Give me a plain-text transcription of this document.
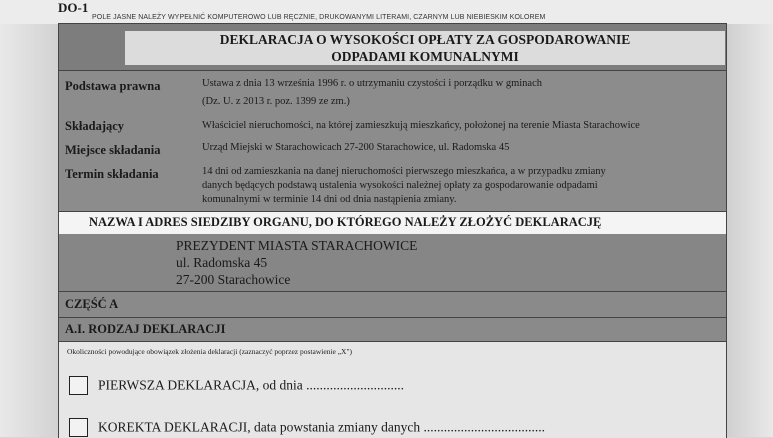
DO-1
POLE JASNE NALEŻY WYPEŁNIĆ KOMPUTEROWO LUB RĘCZNIE, DRUKOWANYMI LITERAMI, CZARNYM LUB NIEBIESKIM KOLOREM
DEKLARACJA O WYSOKOŚCI OPŁATY ZA GOSPODAROWANIE
ODPADAMI KOMUNALNYMI
Podstawa prawna	Ustawa z dnia 13 września 1996 r. o utrzymaniu czystości i porządku w gminach
(Dz. U. z 2013 r. poz. 1399 ze zm.)
Składający	Właściciel nieruchomości, na której zamieszkują mieszkańcy, położonej na terenie Miasta Starachowice
Miejsce składania	Urząd Miejski w Starachowicach 27-200 Starachowice, ul. Radomska 45
Termin składania	14 dni od zamieszkania na danej nieruchomości pierwszego mieszkańca, a w przypadku zmiany
danych będących podstawą ustalenia wysokości należnej opłaty za gospodarowanie odpadami
komunalnymi w terminie 14 dni od dnia nastąpienia zmiany.
NAZWA I ADRES SIEDZIBY ORGANU, DO KTÓREGO NALEŻY ZŁOŻYĆ DEKLARACJĘ
PREZYDENT MIASTA STARACHOWICE
ul. Radomska 45
27-200 Starachowice
CZĘŚĆ A
A.I. RODZAJ DEKLARACJI
Okoliczności powodujące obowiązek złożenia deklaracji (zaznaczyć poprzez postawienie „X")
PIERWSZA DEKLARACJA, od dnia .............................
KOREKTA DEKLARACJI, data powstania zmiany danych ....................................
